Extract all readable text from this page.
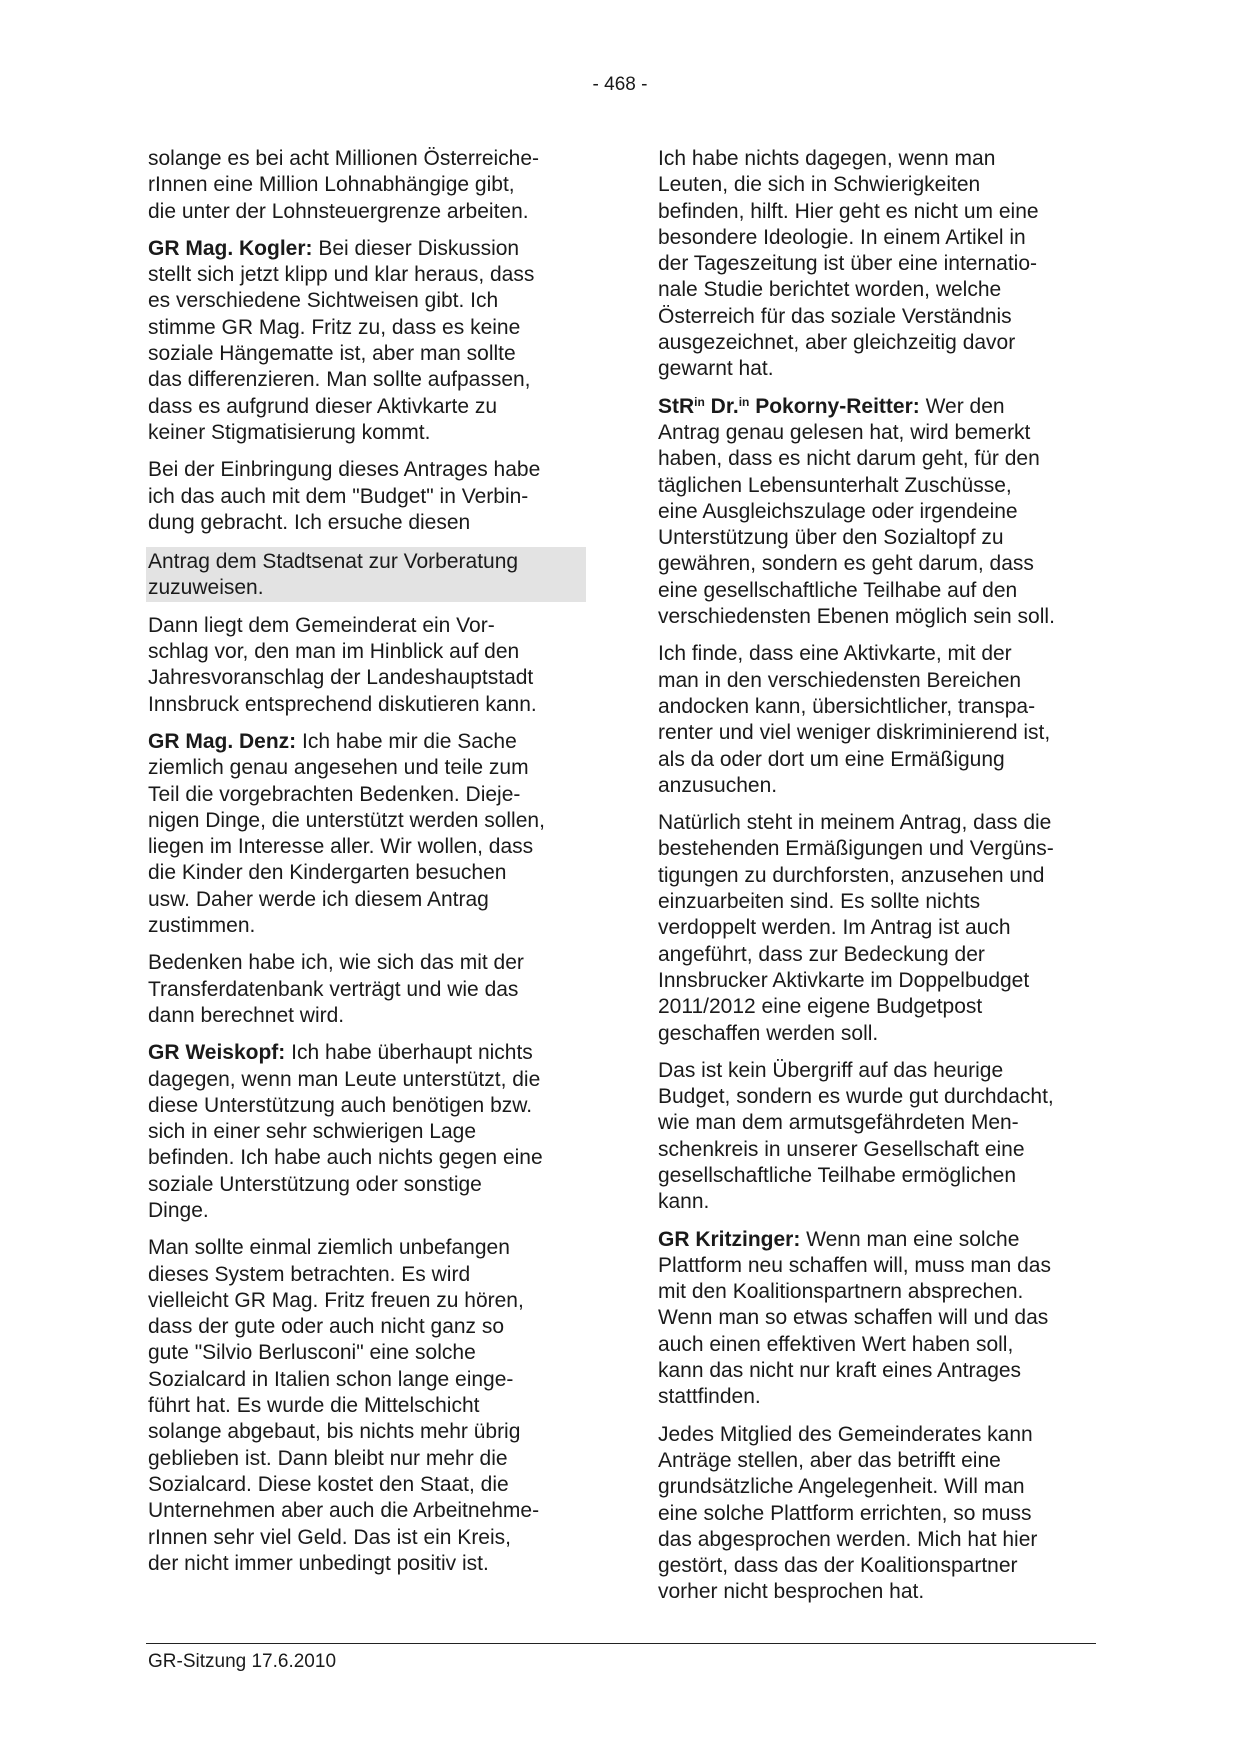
- 468 -

solange es bei acht Millionen Österreiche-
rInnen eine Million Lohnabhängige gibt,
die unter der Lohnsteuergrenze arbeiten.

GR Mag. Kogler: Bei dieser Diskussion
stellt sich jetzt klipp und klar heraus, dass
es verschiedene Sichtweisen gibt. Ich
stimme GR Mag. Fritz zu, dass es keine
soziale Hängematte ist, aber man sollte
das differenzieren. Man sollte aufpassen,
dass es aufgrund dieser Aktivkarte zu
keiner Stigmatisierung kommt.

Bei der Einbringung dieses Antrages habe
ich das auch mit dem "Budget" in Verbin-
dung gebracht. Ich ersuche diesen

Antrag dem Stadtsenat zur Vorberatung
zuzuweisen.

Dann liegt dem Gemeinderat ein Vor-
schlag vor, den man im Hinblick auf den
Jahresvoranschlag der Landeshauptstadt
Innsbruck entsprechend diskutieren kann.

GR Mag. Denz: Ich habe mir die Sache
ziemlich genau angesehen und teile zum
Teil die vorgebrachten Bedenken. Dieje-
nigen Dinge, die unterstützt werden sollen,
liegen im Interesse aller. Wir wollen, dass
die Kinder den Kindergarten besuchen
usw. Daher werde ich diesem Antrag
zustimmen.

Bedenken habe ich, wie sich das mit der
Transferdatenbank verträgt und wie das
dann berechnet wird.

GR Weiskopf: Ich habe überhaupt nichts
dagegen, wenn man Leute unterstützt, die
diese Unterstützung auch benötigen bzw.
sich in einer sehr schwierigen Lage
befinden. Ich habe auch nichts gegen eine
soziale Unterstützung oder sonstige
Dinge.

Man sollte einmal ziemlich unbefangen
dieses System betrachten. Es wird
vielleicht GR Mag. Fritz freuen zu hören,
dass der gute oder auch nicht ganz so
gute "Silvio Berlusconi" eine solche
Sozialcard in Italien schon lange einge-
führt hat. Es wurde die Mittelschicht
solange abgebaut, bis nichts mehr übrig
geblieben ist. Dann bleibt nur mehr die
Sozialcard. Diese kostet den Staat, die
Unternehmen aber auch die Arbeitnehme-
rInnen sehr viel Geld. Das ist ein Kreis,
der nicht immer unbedingt positiv ist.

Ich habe nichts dagegen, wenn man
Leuten, die sich in Schwierigkeiten
befinden, hilft. Hier geht es nicht um eine
besondere Ideologie. In einem Artikel in
der Tageszeitung ist über eine internatio-
nale Studie berichtet worden, welche
Österreich für das soziale Verständnis
ausgezeichnet, aber gleichzeitig davor
gewarnt hat.

StR$^{in}$ Dr.$^{in}$ Pokorny-Reitter: Wer den
Antrag genau gelesen hat, wird bemerkt
haben, dass es nicht darum geht, für den
täglichen Lebensunterhalt Zuschüsse,
eine Ausgleichszulage oder irgendeine
Unterstützung über den Sozialtopf zu
gewähren, sondern es geht darum, dass
eine gesellschaftliche Teilhabe auf den
verschiedensten Ebenen möglich sein soll.

Ich finde, dass eine Aktivkarte, mit der
man in den verschiedensten Bereichen
andocken kann, übersichtlicher, transpa-
renter und viel weniger diskriminierend ist,
als da oder dort um eine Ermäßigung
anzusuchen.

Natürlich steht in meinem Antrag, dass die
bestehenden Ermäßigungen und Vergüns-
tigungen zu durchforsten, anzusehen und
einzuarbeiten sind. Es sollte nichts
verdoppelt werden. Im Antrag ist auch
angeführt, dass zur Bedeckung der
Innsbrucker Aktivkarte im Doppelbudget
2011/2012 eine eigene Budgetpost
geschaffen werden soll.

Das ist kein Übergriff auf das heurige
Budget, sondern es wurde gut durchdacht,
wie man dem armutsgefährdeten Men-
schenkreis in unserer Gesellschaft eine
gesellschaftliche Teilhabe ermöglichen
kann.

GR Kritzinger: Wenn man eine solche
Plattform neu schaffen will, muss man das
mit den Koalitionspartnern absprechen.
Wenn man so etwas schaffen will und das
auch einen effektiven Wert haben soll,
kann das nicht nur kraft eines Antrages
stattfinden.

Jedes Mitglied des Gemeinderates kann
Anträge stellen, aber das betrifft eine
grundsätzliche Angelegenheit. Will man
eine solche Plattform errichten, so muss
das abgesprochen werden. Mich hat hier
gestört, dass das der Koalitionspartner
vorher nicht besprochen hat.

GR-Sitzung 17.6.2010
